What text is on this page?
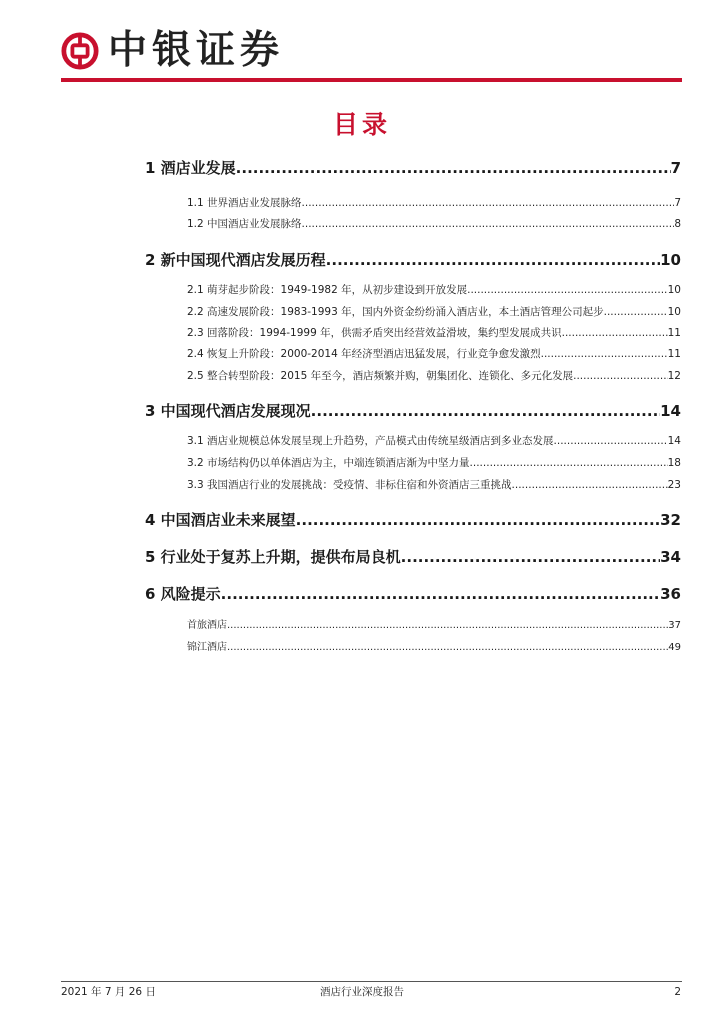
中银证券
目录
1 酒店业发展 .....	7
1.1 世界酒店业发展脉络 .....	7
1.2 中国酒店业发展脉络 .....	8
2 新中国现代酒店发展历程 .....	10
2.1 萌芽起步阶段：1949-1982 年，从初步建设到开放发展 .....	10
2.2 高速发展阶段：1983-1993 年，国内外资金纷纷涌入酒店业，本土酒店管理公司起步 .....	10
2.3 回落阶段：1994-1999 年，供需矛盾突出经营效益滑坡，集约型发展成共识 .....	11
2.4 恢复上升阶段：2000-2014 年经济型酒店迅猛发展，行业竞争愈发激烈 .....	11
2.5 整合转型阶段：2015 年至今，酒店频繁并购，朝集团化、连锁化、多元化发展 .....	12
3 中国现代酒店发展现况 .....	14
3.1 酒店业规模总体发展呈现上升趋势，产品模式由传统星级酒店到多业态发展 .....	14
3.2 市场结构仍以单体酒店为主，中端连锁酒店渐为中坚力量 .....	18
3.3 我国酒店行业的发展挑战：受疫情、非标住宿和外资酒店三重挑战 .....	23
4 中国酒店业未来展望 .....	32
5 行业处于复苏上升期，提供布局良机 .....	34
6 风险提示 .....	36
首旅酒店 .....	37
锦江酒店 .....	49
2021 年 7 月 26 日	酒店行业深度报告	2
